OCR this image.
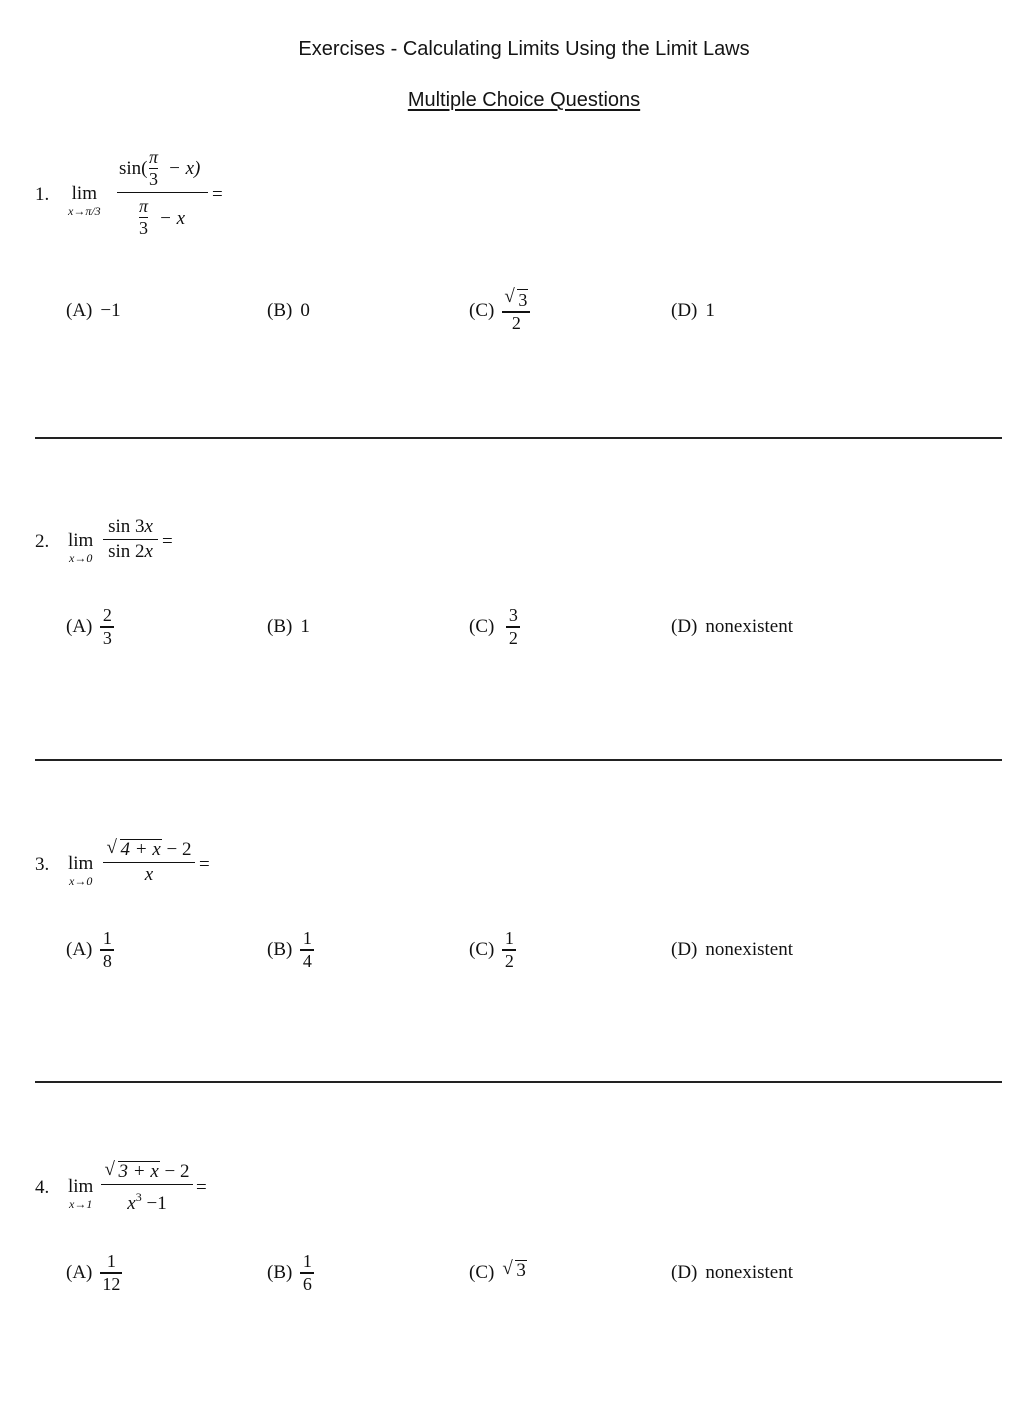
Exercises - Calculating Limits Using the Limit Laws
Multiple Choice Questions
1. lim
x→π/3
sin(
π
3
− x)
π
3 − x
=
(A) −1	(B) 0	(C)
√ 3
2
(D) 1
2. lim
x→0
sin 3x
sin 2x =
(A)
2
3
(B) 1	(C)
3
2
(D) nonexistent
3. lim
x→0
√ 4 + x − 2
x	=
(A)
1
8
(B)
1
4
(C)
1
2
(D) nonexistent
4. lim
x→1
√ 3 + x − 2
$x^3 -1$
=
(A)
1
12
(B)
1
6
(C) √ 3	(D) nonexistent
